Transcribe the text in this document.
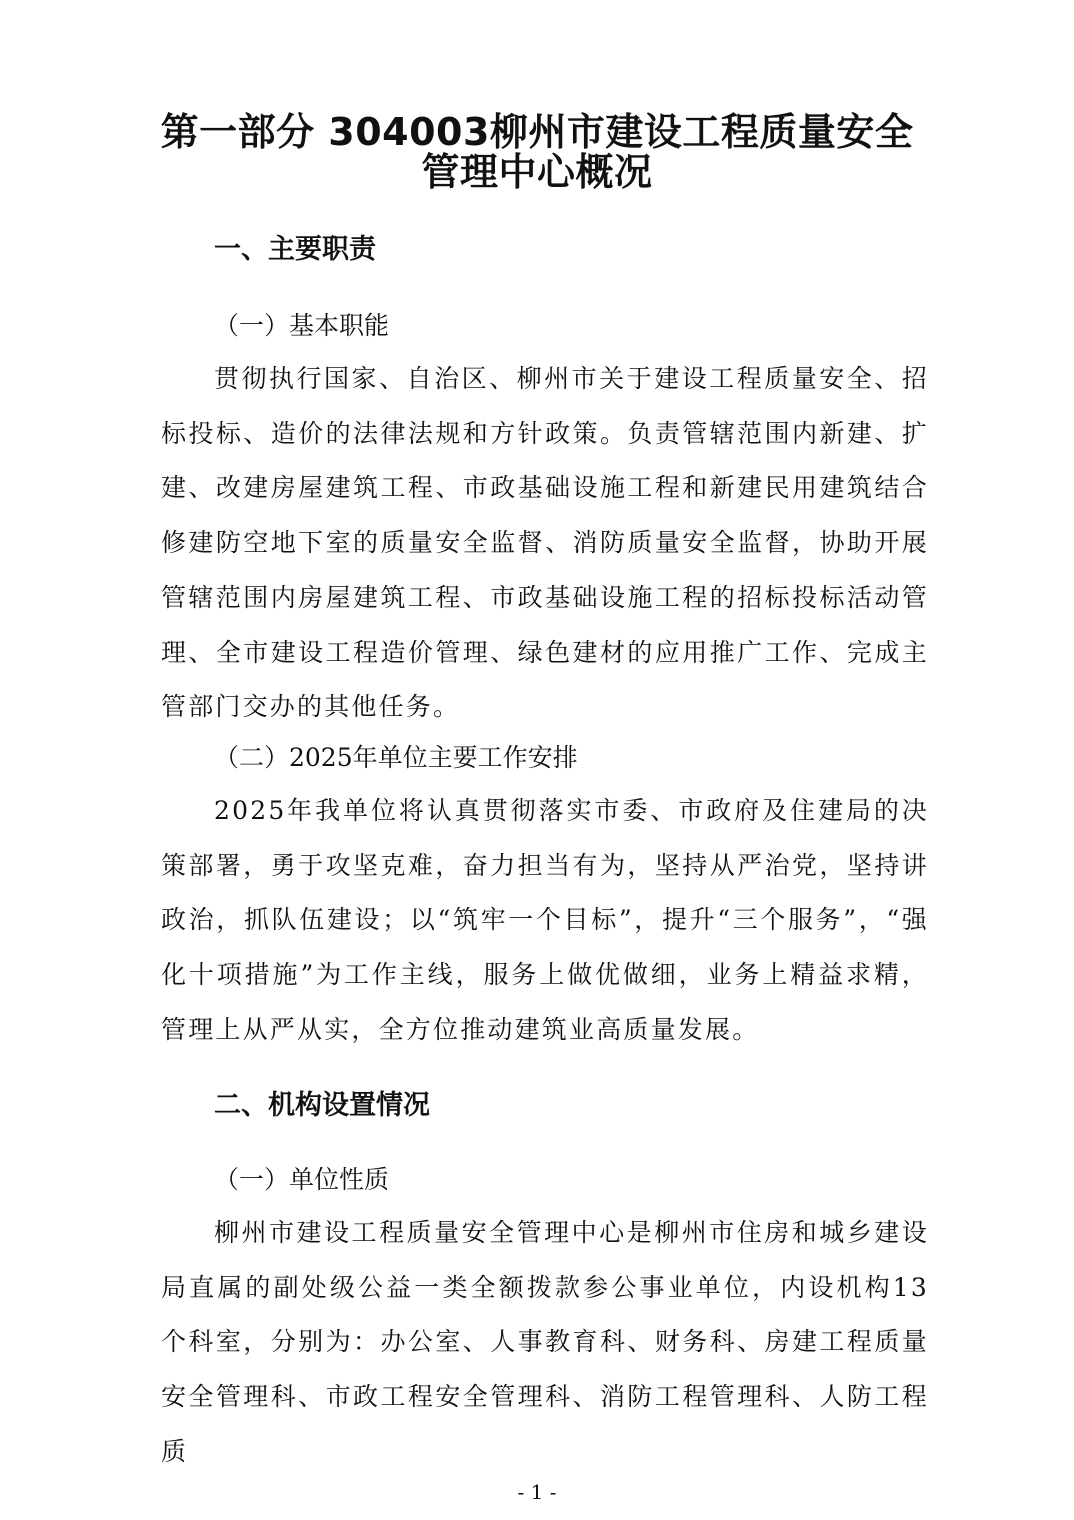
第一部分 304003柳州市建设工程质量安全
管理中心概况
一、主要职责
（一）基本职能
贯彻执行国家、自治区、柳州市关于建设工程质量安全、招标投标、造价的法律法规和方针政策。负责管辖范围内新建、扩建、改建房屋建筑工程、市政基础设施工程和新建民用建筑结合修建防空地下室的质量安全监督、消防质量安全监督，协助开展管辖范围内房屋建筑工程、市政基础设施工程的招标投标活动管理、全市建设工程造价管理、绿色建材的应用推广工作、完成主管部门交办的其他任务。
（二）2025年单位主要工作安排
2025年我单位将认真贯彻落实市委、市政府及住建局的决策部署，勇于攻坚克难，奋力担当有为，坚持从严治党，坚持讲政治，抓队伍建设；以“筑牢一个目标”，提升“三个服务”，“强化十项措施”为工作主线，服务上做优做细，业务上精益求精，管理上从严从实，全方位推动建筑业高质量发展。
二、机构设置情况
（一）单位性质
柳州市建设工程质量安全管理中心是柳州市住房和城乡建设局直属的副处级公益一类全额拨款参公事业单位，内设机构13个科室，分别为：办公室、人事教育科、财务科、房建工程质量安全管理科、市政工程安全管理科、消防工程管理科、人防工程质
- 1 -
